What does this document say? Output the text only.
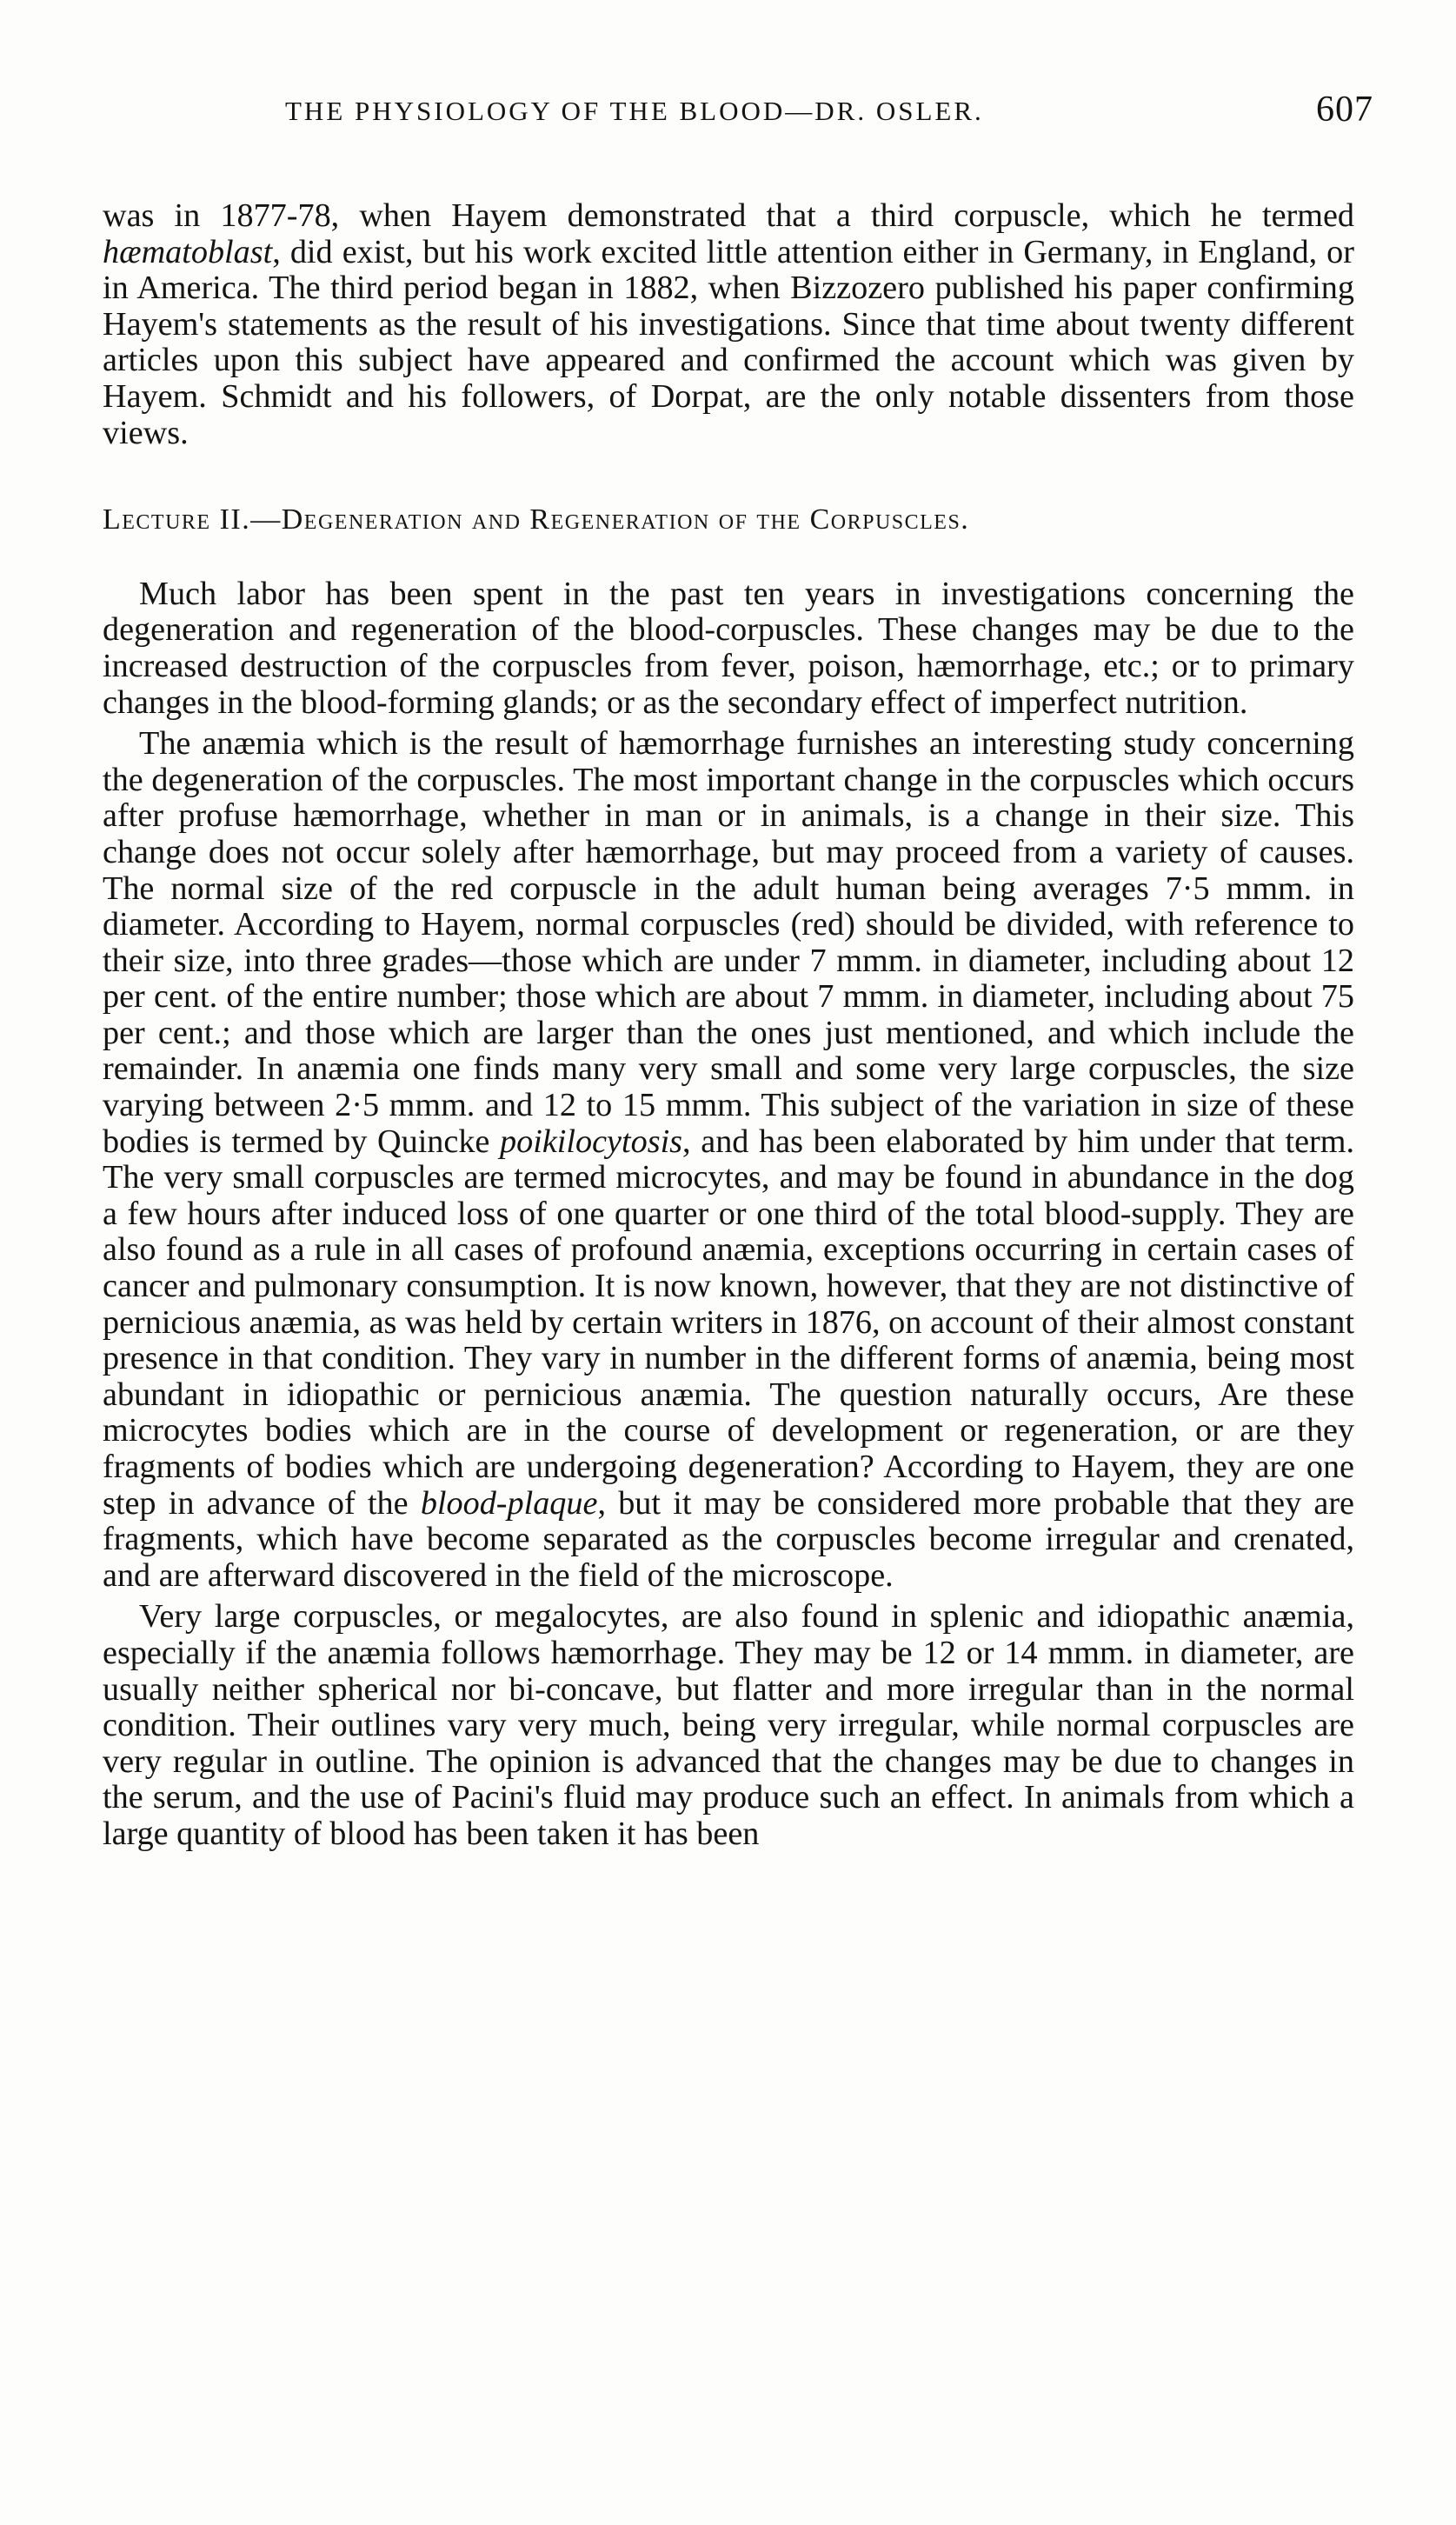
THE PHYSIOLOGY OF THE BLOOD—DR. OSLER.	607

was in 1877-78, when Hayem demonstrated that a third corpuscle, which he termed hæmatoblast, did exist, but his work excited little attention either in Germany, in England, or in America. The third period began in 1882, when Bizzozero published his paper confirming Hayem's statements as the result of his investigations. Since that time about twenty different articles upon this subject have appeared and confirmed the account which was given by Hayem. Schmidt and his followers, of Dorpat, are the only notable dissenters from those views.

Lecture II.—Degeneration and Regeneration of the Corpuscles.

Much labor has been spent in the past ten years in investigations concerning the degeneration and regeneration of the blood-corpuscles. These changes may be due to the increased destruction of the corpuscles from fever, poison, hæmorrhage, etc.; or to primary changes in the blood-forming glands; or as the secondary effect of imperfect nutrition.

The anæmia which is the result of hæmorrhage furnishes an interesting study concerning the degeneration of the corpuscles. The most important change in the corpuscles which occurs after profuse hæmorrhage, whether in man or in animals, is a change in their size. This change does not occur solely after hæmorrhage, but may proceed from a variety of causes. The normal size of the red corpuscle in the adult human being averages 7·5 mmm. in diameter. According to Hayem, normal corpuscles (red) should be divided, with reference to their size, into three grades—those which are under 7 mmm. in diameter, including about 12 per cent. of the entire number; those which are about 7 mmm. in diameter, including about 75 per cent.; and those which are larger than the ones just mentioned, and which include the remainder. In anæmia one finds many very small and some very large corpuscles, the size varying between 2·5 mmm. and 12 to 15 mmm. This subject of the variation in size of these bodies is termed by Quincke poikilocytosis, and has been elaborated by him under that term. The very small corpuscles are termed microcytes, and may be found in abundance in the dog a few hours after induced loss of one quarter or one third of the total blood-supply. They are also found as a rule in all cases of profound anæmia, exceptions occurring in certain cases of cancer and pulmonary consumption. It is now known, however, that they are not distinctive of pernicious anæmia, as was held by certain writers in 1876, on account of their almost constant presence in that condition. They vary in number in the different forms of anæmia, being most abundant in idiopathic or pernicious anæmia. The question naturally occurs, Are these microcytes bodies which are in the course of development or regeneration, or are they fragments of bodies which are undergoing degeneration? According to Hayem, they are one step in advance of the blood-plaque, but it may be considered more probable that they are fragments, which have become separated as the corpuscles become irregular and crenated, and are afterward discovered in the field of the microscope.

Very large corpuscles, or megalocytes, are also found in splenic and idiopathic anæmia, especially if the anæmia follows hæmorrhage. They may be 12 or 14 mmm. in diameter, are usually neither spherical nor bi-concave, but flatter and more irregular than in the normal condition. Their outlines vary very much, being very irregular, while normal corpuscles are very regular in outline. The opinion is advanced that the changes may be due to changes in the serum, and the use of Pacini's fluid may produce such an effect. In animals from which a large quantity of blood has been taken it has been
